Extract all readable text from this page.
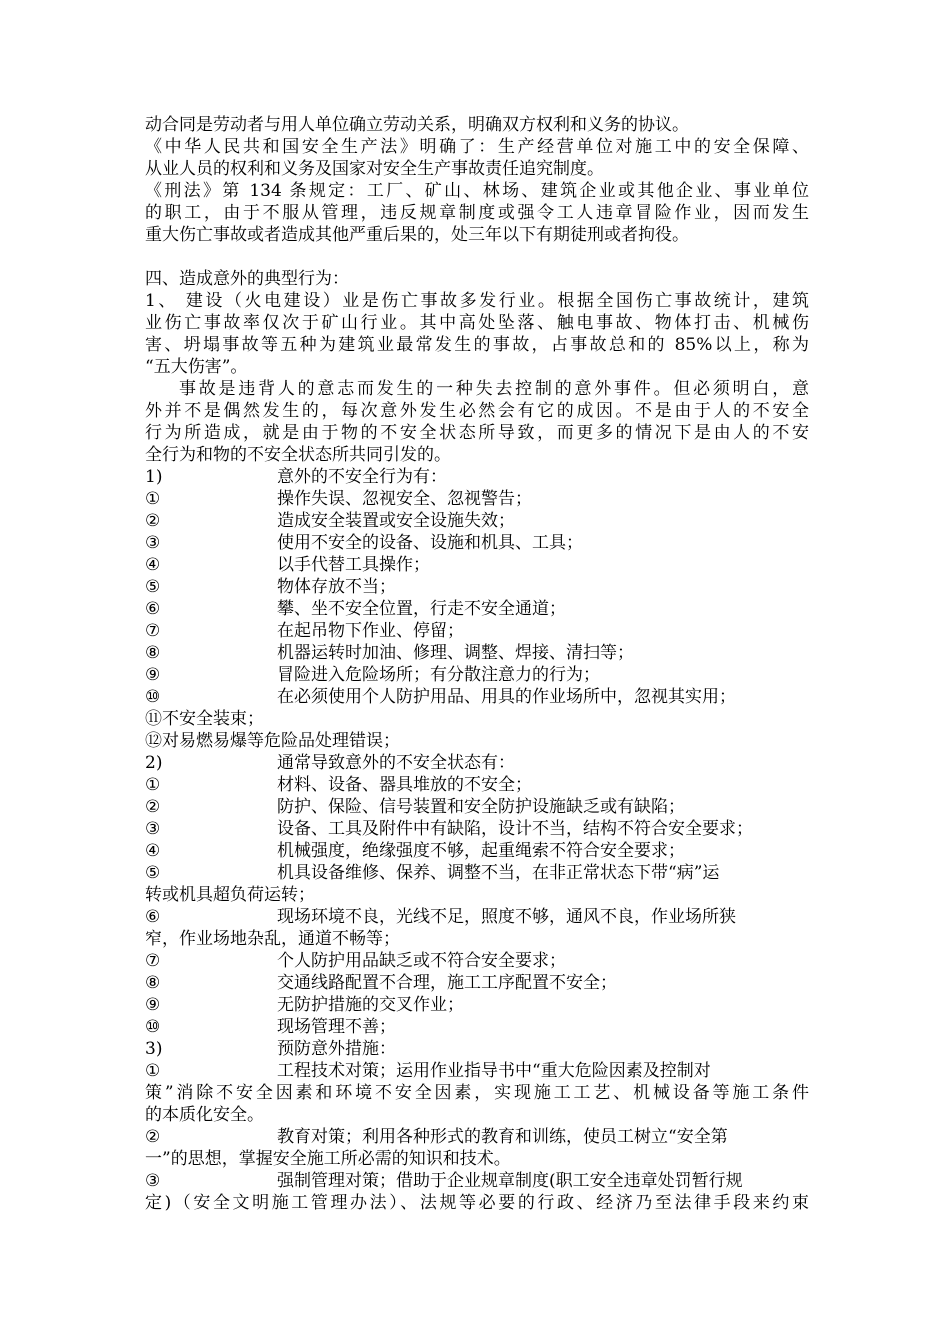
动合同是劳动者与用人单位确立劳动关系，明确双方权利和义务的协议。
《中华人民共和国安全生产法》明确了：生产经营单位对施工中的安全保障、
从业人员的权利和义务及国家对安全生产事故责任追究制度。
《刑法》第 134 条规定：工厂、矿山、林场、建筑企业或其他企业、事业单位
的职工，由于不服从管理，违反规章制度或强令工人违章冒险作业，因而发生
重大伤亡事故或者造成其他严重后果的，处三年以下有期徒刑或者拘役。
四、造成意外的典型行为：
1、 建设（火电建设）业是伤亡事故多发行业。根据全国伤亡事故统计，建筑
业伤亡事故率仅次于矿山行业。其中高处坠落、触电事故、物体打击、机械伤
害、坍塌事故等五种为建筑业最常发生的事故，占事故总和的 85%以上，称为
“五大伤害”。
事故是违背人的意志而发生的一种失去控制的意外事件。但必须明白，意
外并不是偶然发生的，每次意外发生必然会有它的成因。不是由于人的不安全
行为所造成，就是由于物的不安全状态所导致，而更多的情况下是由人的不安
全行为和物的不安全状态所共同引发的。
1)	意外的不安全行为有：
①	操作失误、忽视安全、忽视警告；
②	造成安全装置或安全设施失效；
③	使用不安全的设备、设施和机具、工具；
④	以手代替工具操作；
⑤	物体存放不当；
⑥	攀、坐不安全位置，行走不安全通道；
⑦	在起吊物下作业、停留；
⑧	机器运转时加油、修理、调整、焊接、清扫等；
⑨	冒险进入危险场所；有分散注意力的行为；
⑩	在必须使用个人防护用品、用具的作业场所中，忽视其实用；
⑪不安全装束；
⑫对易燃易爆等危险品处理错误；
2)	通常导致意外的不安全状态有：
①	材料、设备、器具堆放的不安全；
②	防护、保险、信号装置和安全防护设施缺乏或有缺陷；
③	设备、工具及附件中有缺陷，设计不当，结构不符合安全要求；
④	机械强度，绝缘强度不够，起重绳索不符合安全要求；
⑤	机具设备维修、保养、调整不当，在非正常状态下带“病”运
转或机具超负荷运转；
⑥	现场环境不良，光线不足，照度不够，通风不良，作业场所狭
窄，作业场地杂乱，通道不畅等；
⑦	个人防护用品缺乏或不符合安全要求；
⑧	交通线路配置不合理，施工工序配置不安全；
⑨	无防护措施的交叉作业；
⑩	现场管理不善；
3)	预防意外措施：
①	工程技术对策；运用作业指导书中“重大危险因素及控制对
策”消除不安全因素和环境不安全因素，实现施工工艺、机械设备等施工条件
的本质化安全。
②	教育对策；利用各种形式的教育和训练，使员工树立“安全第
一”的思想，掌握安全施工所必需的知识和技术。
③	强制管理对策；借助于企业规章制度(职工安全违章处罚暂行规
定)（安全文明施工管理办法）、法规等必要的行政、经济乃至法律手段来约束
